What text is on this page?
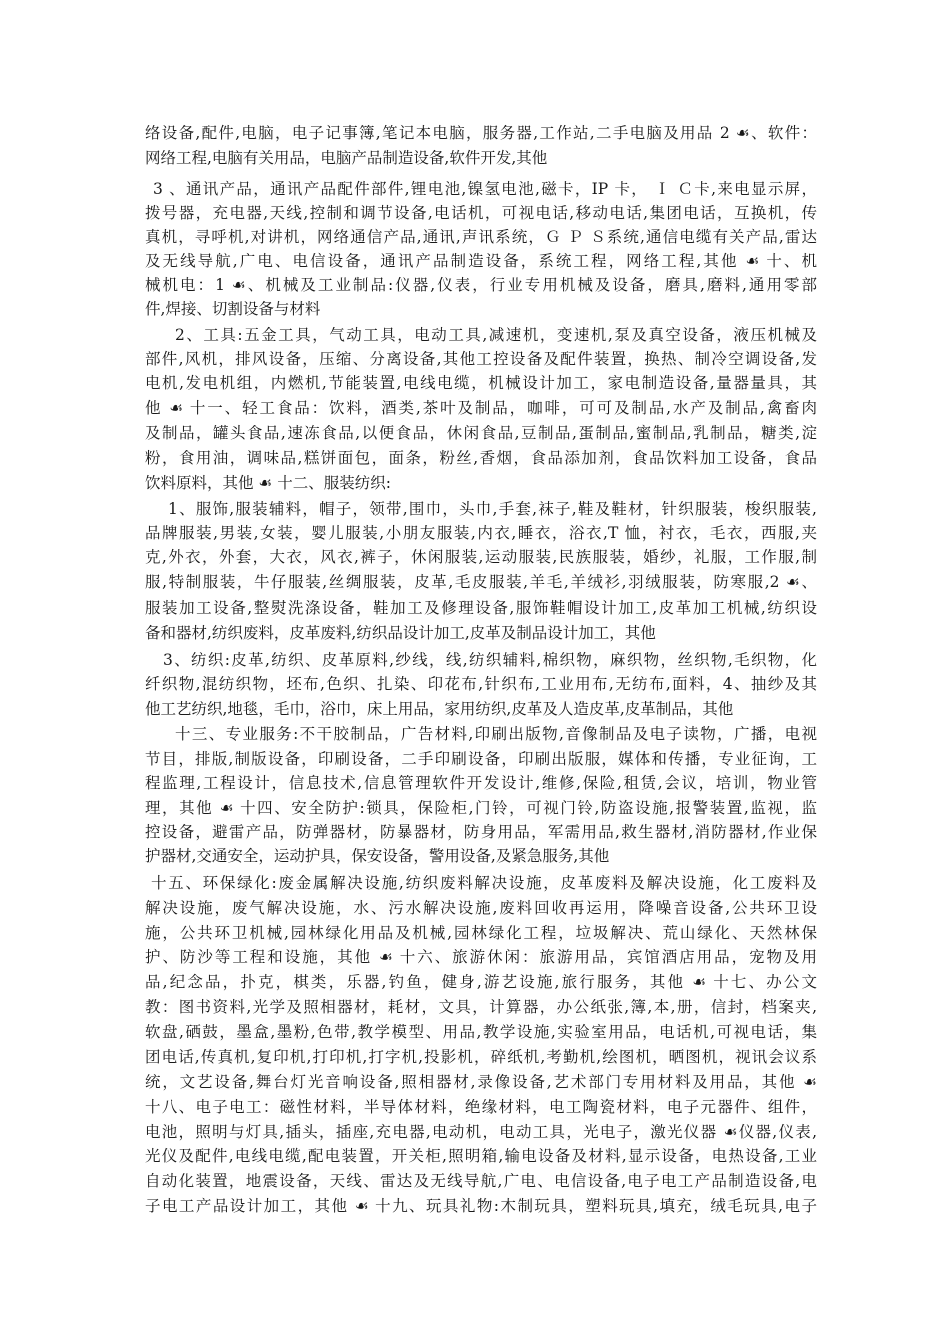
络设备,配件,电脑，电子记事簿,笔记本电脑，服务器,工作站,二手电脑及用品 2 ☙、软件：
网络工程,电脑有关用品，电脑产品制造设备,软件开发,其他
3 、通讯产品，通讯产品配件部件,锂电池,镍氢电池,磁卡，IP 卡， Ｉ Ｃ卡,来电显示屏，
拨号器，充电器,天线,控制和调节设备,电话机，可视电话,移动电话,集团电话，互换机，传
真机，寻呼机,对讲机，网络通信产品,通讯,声讯系统，Ｇ Ｐ Ｓ系统,通信电缆有关产品,雷达
及无线导航,广电、电信设备，通讯产品制造设备，系统工程，网络工程,其他 ☙ 十、机
械机电：1 ☙、机械及工业制品:仪器,仪表，行业专用机械及设备，磨具,磨料,通用零部
件,焊接、切割设备与材料
2、工具:五金工具，气动工具，电动工具,减速机，变速机,泵及真空设备，液压机械及
部件,风机，排风设备，压缩、分离设备,其他工控设备及配件装置，换热、制冷空调设备,发
电机,发电机组，内燃机,节能装置,电线电缆，机械设计加工，家电制造设备,量器量具，其
他 ☙ 十一、轻工食品：饮料，酒类,茶叶及制品，咖啡，可可及制品,水产及制品,禽畜肉
及制品，罐头食品,速冻食品,以便食品，休闲食品,豆制品,蛋制品,蜜制品,乳制品，糖类,淀
粉，食用油，调味品,糕饼面包，面条，粉丝,香烟，食品添加剂，食品饮料加工设备，食品
饮料原料，其他 ☙ 十二、服装纺织:
1、服饰,服装辅料，帽子，领带,围巾，头巾,手套,袜子,鞋及鞋材，针织服装，梭织服装,
品牌服装,男装,女装，婴儿服装,小朋友服装,内衣,睡衣，浴衣,T 恤，衬衣，毛衣，西服,夹
克,外衣，外套，大衣，风衣,裤子，休闲服装,运动服装,民族服装，婚纱，礼服，工作服,制
服,特制服装，牛仔服装,丝绸服装，皮革,毛皮服装,羊毛,羊绒衫,羽绒服装，防寒服,2 ☙、
服装加工设备,整熨洗涤设备，鞋加工及修理设备,服饰鞋帽设计加工,皮革加工机械,纺织设
备和器材,纺织废料，皮革废料,纺织品设计加工,皮革及制品设计加工，其他
3、纺织:皮革,纺织、皮革原料,纱线，线,纺织辅料,棉织物，麻织物，丝织物,毛织物，化
纤织物,混纺织物，坯布,色织、扎染、印花布,针织布,工业用布,无纺布,面料，4、抽纱及其
他工艺纺织,地毯，毛巾，浴巾，床上用品，家用纺织,皮革及人造皮革,皮革制品，其他
十三、专业服务:不干胶制品，广告材料,印刷出版物,音像制品及电子读物，广播，电视
节目，排版,制版设备，印刷设备，二手印刷设备，印刷出版服，媒体和传播，专业征询，工
程监理,工程设计，信息技术,信息管理软件开发设计,维修,保险,租赁,会议，培训，物业管
理，其他 ☙ 十四、安全防护:锁具，保险柜,门铃，可视门铃,防盗设施,报警装置,监视，监
控设备，避雷产品，防弹器材，防暴器材，防身用品，军需用品,救生器材,消防器材,作业保
护器材,交通安全，运动护具，保安设备，警用设备,及紧急服务,其他
十五、环保绿化:废金属解决设施,纺织废料解决设施，皮革废料及解决设施，化工废料及
解决设施，废气解决设施，水、污水解决设施,废料回收再运用，降噪音设备,公共环卫设
施，公共环卫机械,园林绿化用品及机械,园林绿化工程，垃圾解决、荒山绿化、天然林保
护、防沙等工程和设施，其他 ☙ 十六、旅游休闲：旅游用品，宾馆酒店用品，宠物及用
品,纪念品，扑克，棋类，乐器,钓鱼，健身,游艺设施,旅行服务，其他 ☙ 十七、办公文
教：图书资料,光学及照相器材，耗材，文具，计算器，办公纸张,簿,本,册，信封，档案夹,
软盘,硒鼓，墨盒,墨粉,色带,教学模型、用品,教学设施,实验室用品，电话机,可视电话，集
团电话,传真机,复印机,打印机,打字机,投影机，碎纸机,考勤机,绘图机，晒图机，视讯会议系
统，文艺设备,舞台灯光音响设备,照相器材,录像设备,艺术部门专用材料及用品，其他 ☙
十八、电子电工：磁性材料，半导体材料，绝缘材料，电工陶瓷材料，电子元器件、组件，
电池，照明与灯具,插头，插座,充电器,电动机，电动工具，光电子，激光仪器 ☙仪器,仪表,
光仪及配件,电线电缆,配电装置，开关柜,照明箱,输电设备及材料,显示设备，电热设备,工业
自动化装置，地震设备，天线、雷达及无线导航,广电、电信设备,电子电工产品制造设备,电
子电工产品设计加工，其他 ☙ 十九、玩具礼物:木制玩具，塑料玩具,填充，绒毛玩具,电子
